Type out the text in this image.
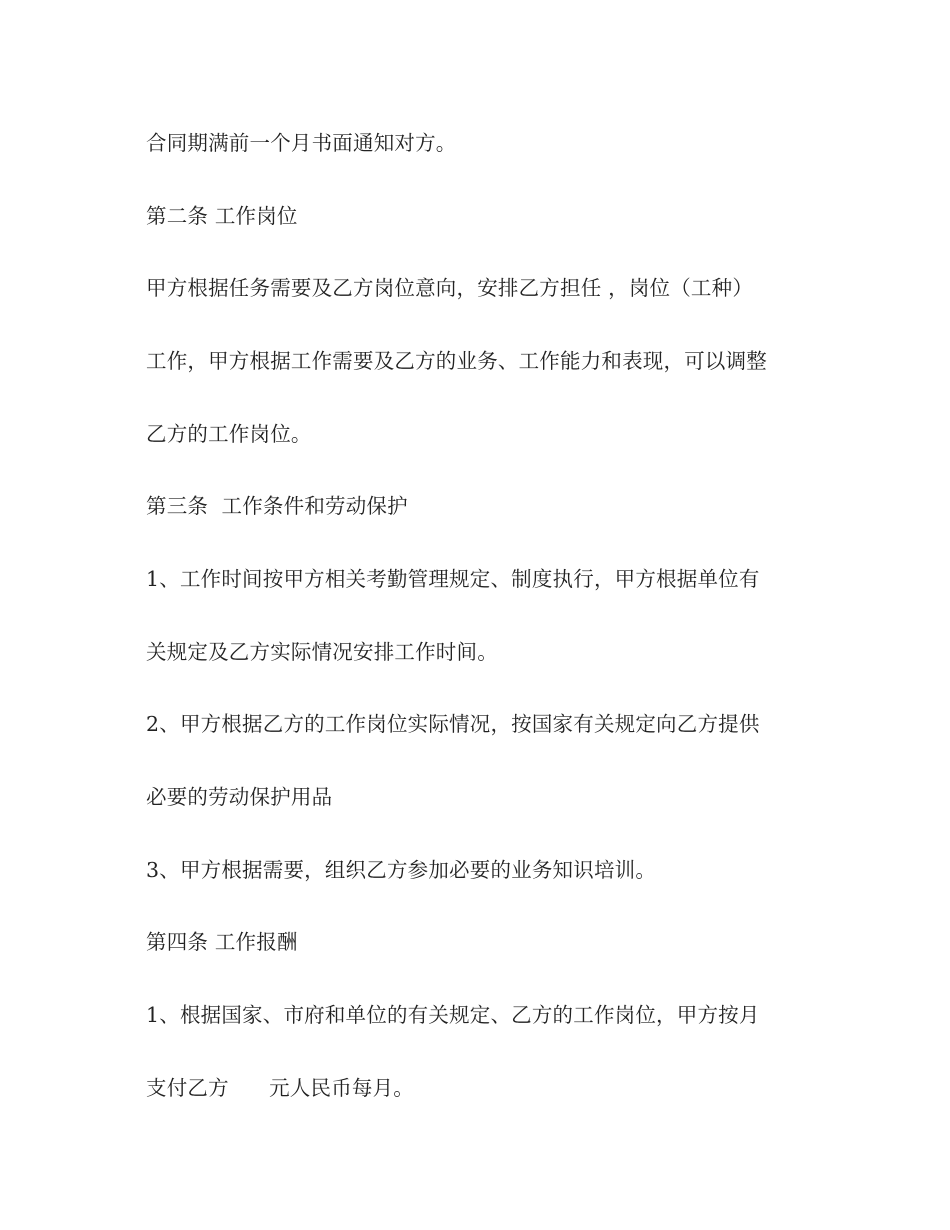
合同期满前一个月书面通知对方。
第二条 工作岗位
甲方根据任务需要及乙方岗位意向，安排乙方担任 ，岗位（工种）
工作，甲方根据工作需要及乙方的业务、工作能力和表现，可以调整
乙方的工作岗位。
第三条  工作条件和劳动保护
1、工作时间按甲方相关考勤管理规定、制度执行，甲方根据单位有
关规定及乙方实际情况安排工作时间。
2、甲方根据乙方的工作岗位实际情况，按国家有关规定向乙方提供
必要的劳动保护用品
3、甲方根据需要，组织乙方参加必要的业务知识培训。
第四条 工作报酬
1、根据国家、市府和单位的有关规定、乙方的工作岗位，甲方按月
支付乙方      元人民币每月。
